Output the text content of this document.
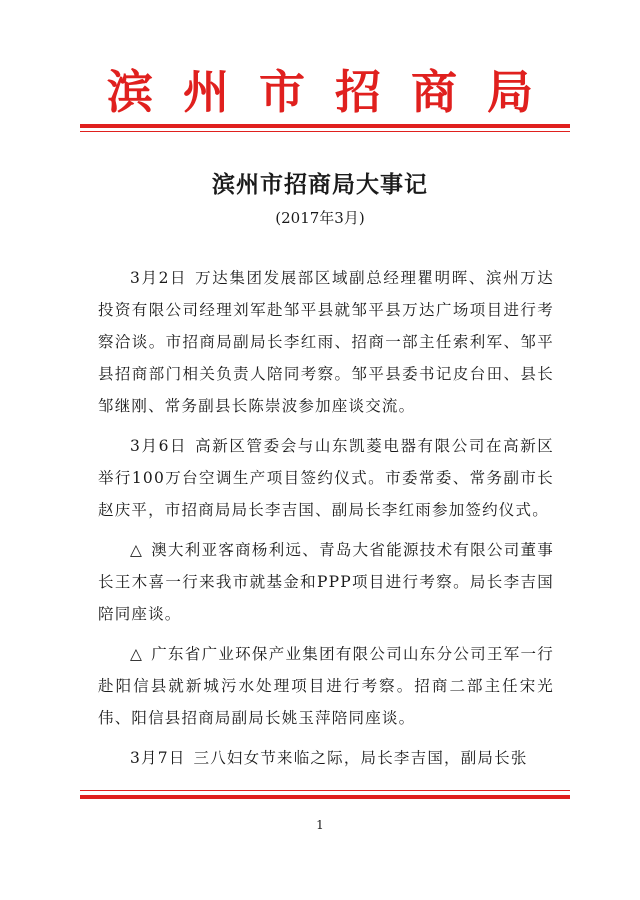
滨州市招商局
滨州市招商局大事记
(2017年3月)

3月2日 万达集团发展部区域副总经理瞿明晖、滨州万达投资有限公司经理刘军赴邹平县就邹平县万达广场项目进行考察洽谈。市招商局副局长李红雨、招商一部主任索利军、邹平县招商部门相关负责人陪同考察。邹平县委书记皮台田、县长邹继刚、常务副县长陈崇波参加座谈交流。

3月6日 高新区管委会与山东凯菱电器有限公司在高新区举行100万台空调生产项目签约仪式。市委常委、常务副市长赵庆平，市招商局局长李吉国、副局长李红雨参加签约仪式。

△ 澳大利亚客商杨利远、青岛大省能源技术有限公司董事长王木喜一行来我市就基金和PPP项目进行考察。局长李吉国陪同座谈。

△ 广东省广业环保产业集团有限公司山东分公司王军一行赴阳信县就新城污水处理项目进行考察。招商二部主任宋光伟、阳信县招商局副局长姚玉萍陪同座谈。

3月7日 三八妇女节来临之际，局长李吉国，副局长张

1
